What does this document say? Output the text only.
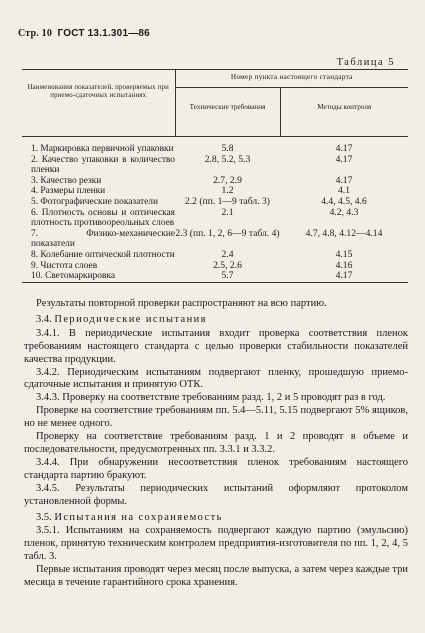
Стр. 10 ГОСТ 13.1.301—86
Таблица 5
Наименования показателей, проверяемых при приемо-сдаточных испытаниях	Номер пункта настоящего стандарта	
	Технические требования	Методы контроля

1. Маркировка первичной упаковки	5.8	4.17
2. Качество упаковки в количество пленки	2.8, 5.2, 5.3	4.17
3. Качество резки	2.7, 2.9	4.17
4. Размеры пленки	1.2	4.1
5. Фотографические показатели	2.2 (пп. 1—9 табл. 3)	4.4, 4.5, 4.6
6. Плотность основы и оптическая плотность противоореольных слоев	2.1	4.2, 4.3
7. Физико-механические показатели	2.3 (пп. 1, 2, 6—9 табл. 4)	4.7, 4.8, 4.12—4.14
8. Колебание оптической плотности	2.4	4.15
9. Чистота слоев	2.5, 2.6	4.16
10. Светомаркировка	5.7	4.17

Результаты повторной проверки распространяют на всю партию.

3.4. Периодические испытания

3.4.1. В периодические испытания входит проверка соответствия пленок требованиям настоящего стандарта с целью проверки стабильности показателей качества продукции.

3.4.2. Периодическим испытаниям подвергают пленку, прошедшую приемо-сдаточные испытания и принятую ОТК.

3.4.3. Проверку на соответствие требованиям разд. 1, 2 и 5 проводят раз в год.

Проверке на соответствие требованиям пп. 5.4—5.11, 5.15 подвергают 5% ящиков, но не менее одного.

Проверку на соответствие требованиям разд. 1 и 2 проводят в объеме и последовательности, предусмотренных пп. 3.3.1 и 3.3.2.

3.4.4. При обнаружении несоответствия пленок требованиям настоящего стандарта партию бракуют.

3.4.5. Результаты периодических испытаний оформляют протоколом установленной формы.

3.5. Испытания на сохраняемость

3.5.1. Испытаниям на сохраняемость подвергают каждую партию (эмульсию) пленок, принятую техническим контролем предприятия-изготовителя по пп. 1, 2, 4, 5 табл. 3.

Первые испытания проводят через месяц после выпуска, а затем через каждые три месяца в течение гарантийного срока хранения.
